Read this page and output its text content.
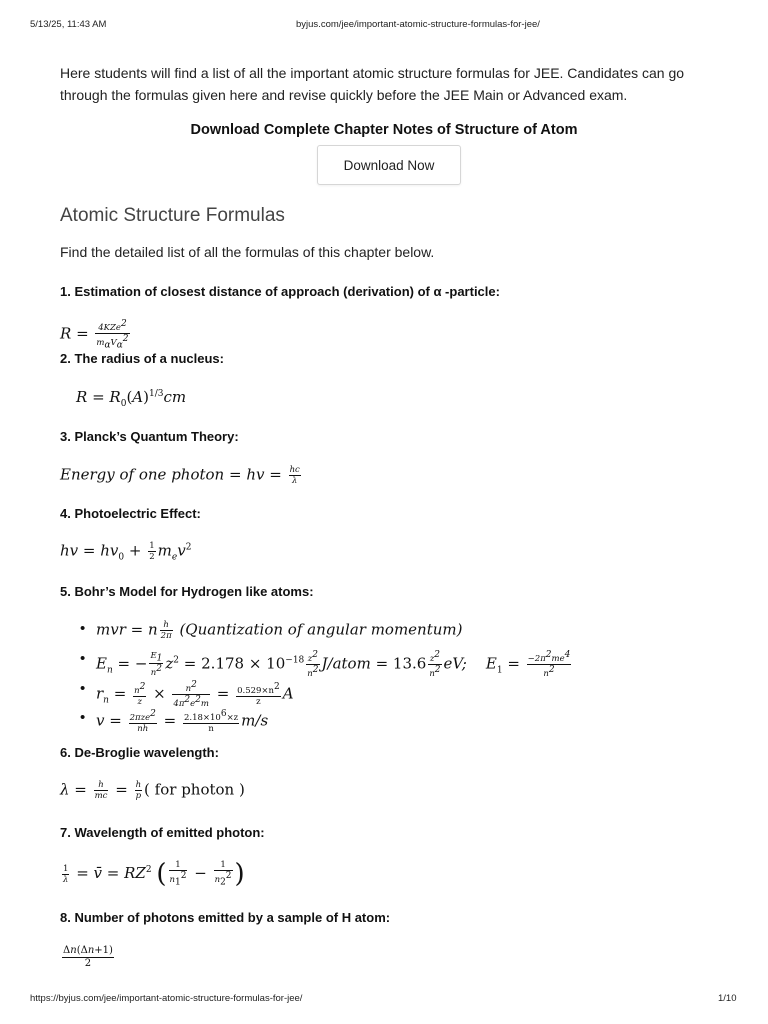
5/13/25, 11:43 AM	byjus.com/jee/important-atomic-structure-formulas-for-jee/
Here students will find a list of all the important atomic structure formulas for JEE. Candidates can go through the formulas given here and revise quickly before the JEE Main or Advanced exam.
Download Complete Chapter Notes of Structure of Atom
Download Now
Atomic Structure Formulas
Find the detailed list of all the formulas of this chapter below.
1. Estimation of closest distance of approach (derivation) of α -particle:
$R = \frac{4KZe^2}{m_\alpha V_\alpha^2}$
2. The radius of a nucleus:
$R = R_0(A)^{1/3}cm$
3. Planck’s Quantum Theory:
Energy of one photon = hv = $\frac{hc}{\lambda}$
4. Photoelectric Effect:
hv = $hv_0 + \frac{1}{2} m_ev^2$
5. Bohr’s Model for Hydrogen like atoms:
• mvr = n $\frac{h}{2\pi}$ (Quantization of angular momentum)
• $E_n$ = − $\frac{E_1}{n^2} z^2 = 2.178 \times 10^{-18} \frac{z^2}{n^2}$ J/atom = $13.6 \frac{z^2}{n^2}$ eV;    $E_1 = \frac{-2\pi^2me^4}{n^2}$
• $r_n = \frac{n^2}{z} \times \frac{n^2}{4\pi^2e^2m} = \frac{0.529\times n^2}{z}$ A
• $v = \frac{2\pi ze^2}{nh} = \frac{2.18\times 10^6\times z}{n} m/s$
6. De-Broglie wavelength:
$\lambda = \frac{h}{mc} = \frac{h}{p}$ ( for photon )
7. Wavelength of emitted photon:
$\frac{1}{\lambda}$ = v̄ = $RZ^2$ ( $\frac{1}{n_1^2} - \frac{1}{n_2^2}$ )
8. Number of photons emitted by a sample of H atom:
$\frac{\Delta n(\Delta n+1)}{2}$
https://byjus.com/jee/important-atomic-structure-formulas-for-jee/	1/10
